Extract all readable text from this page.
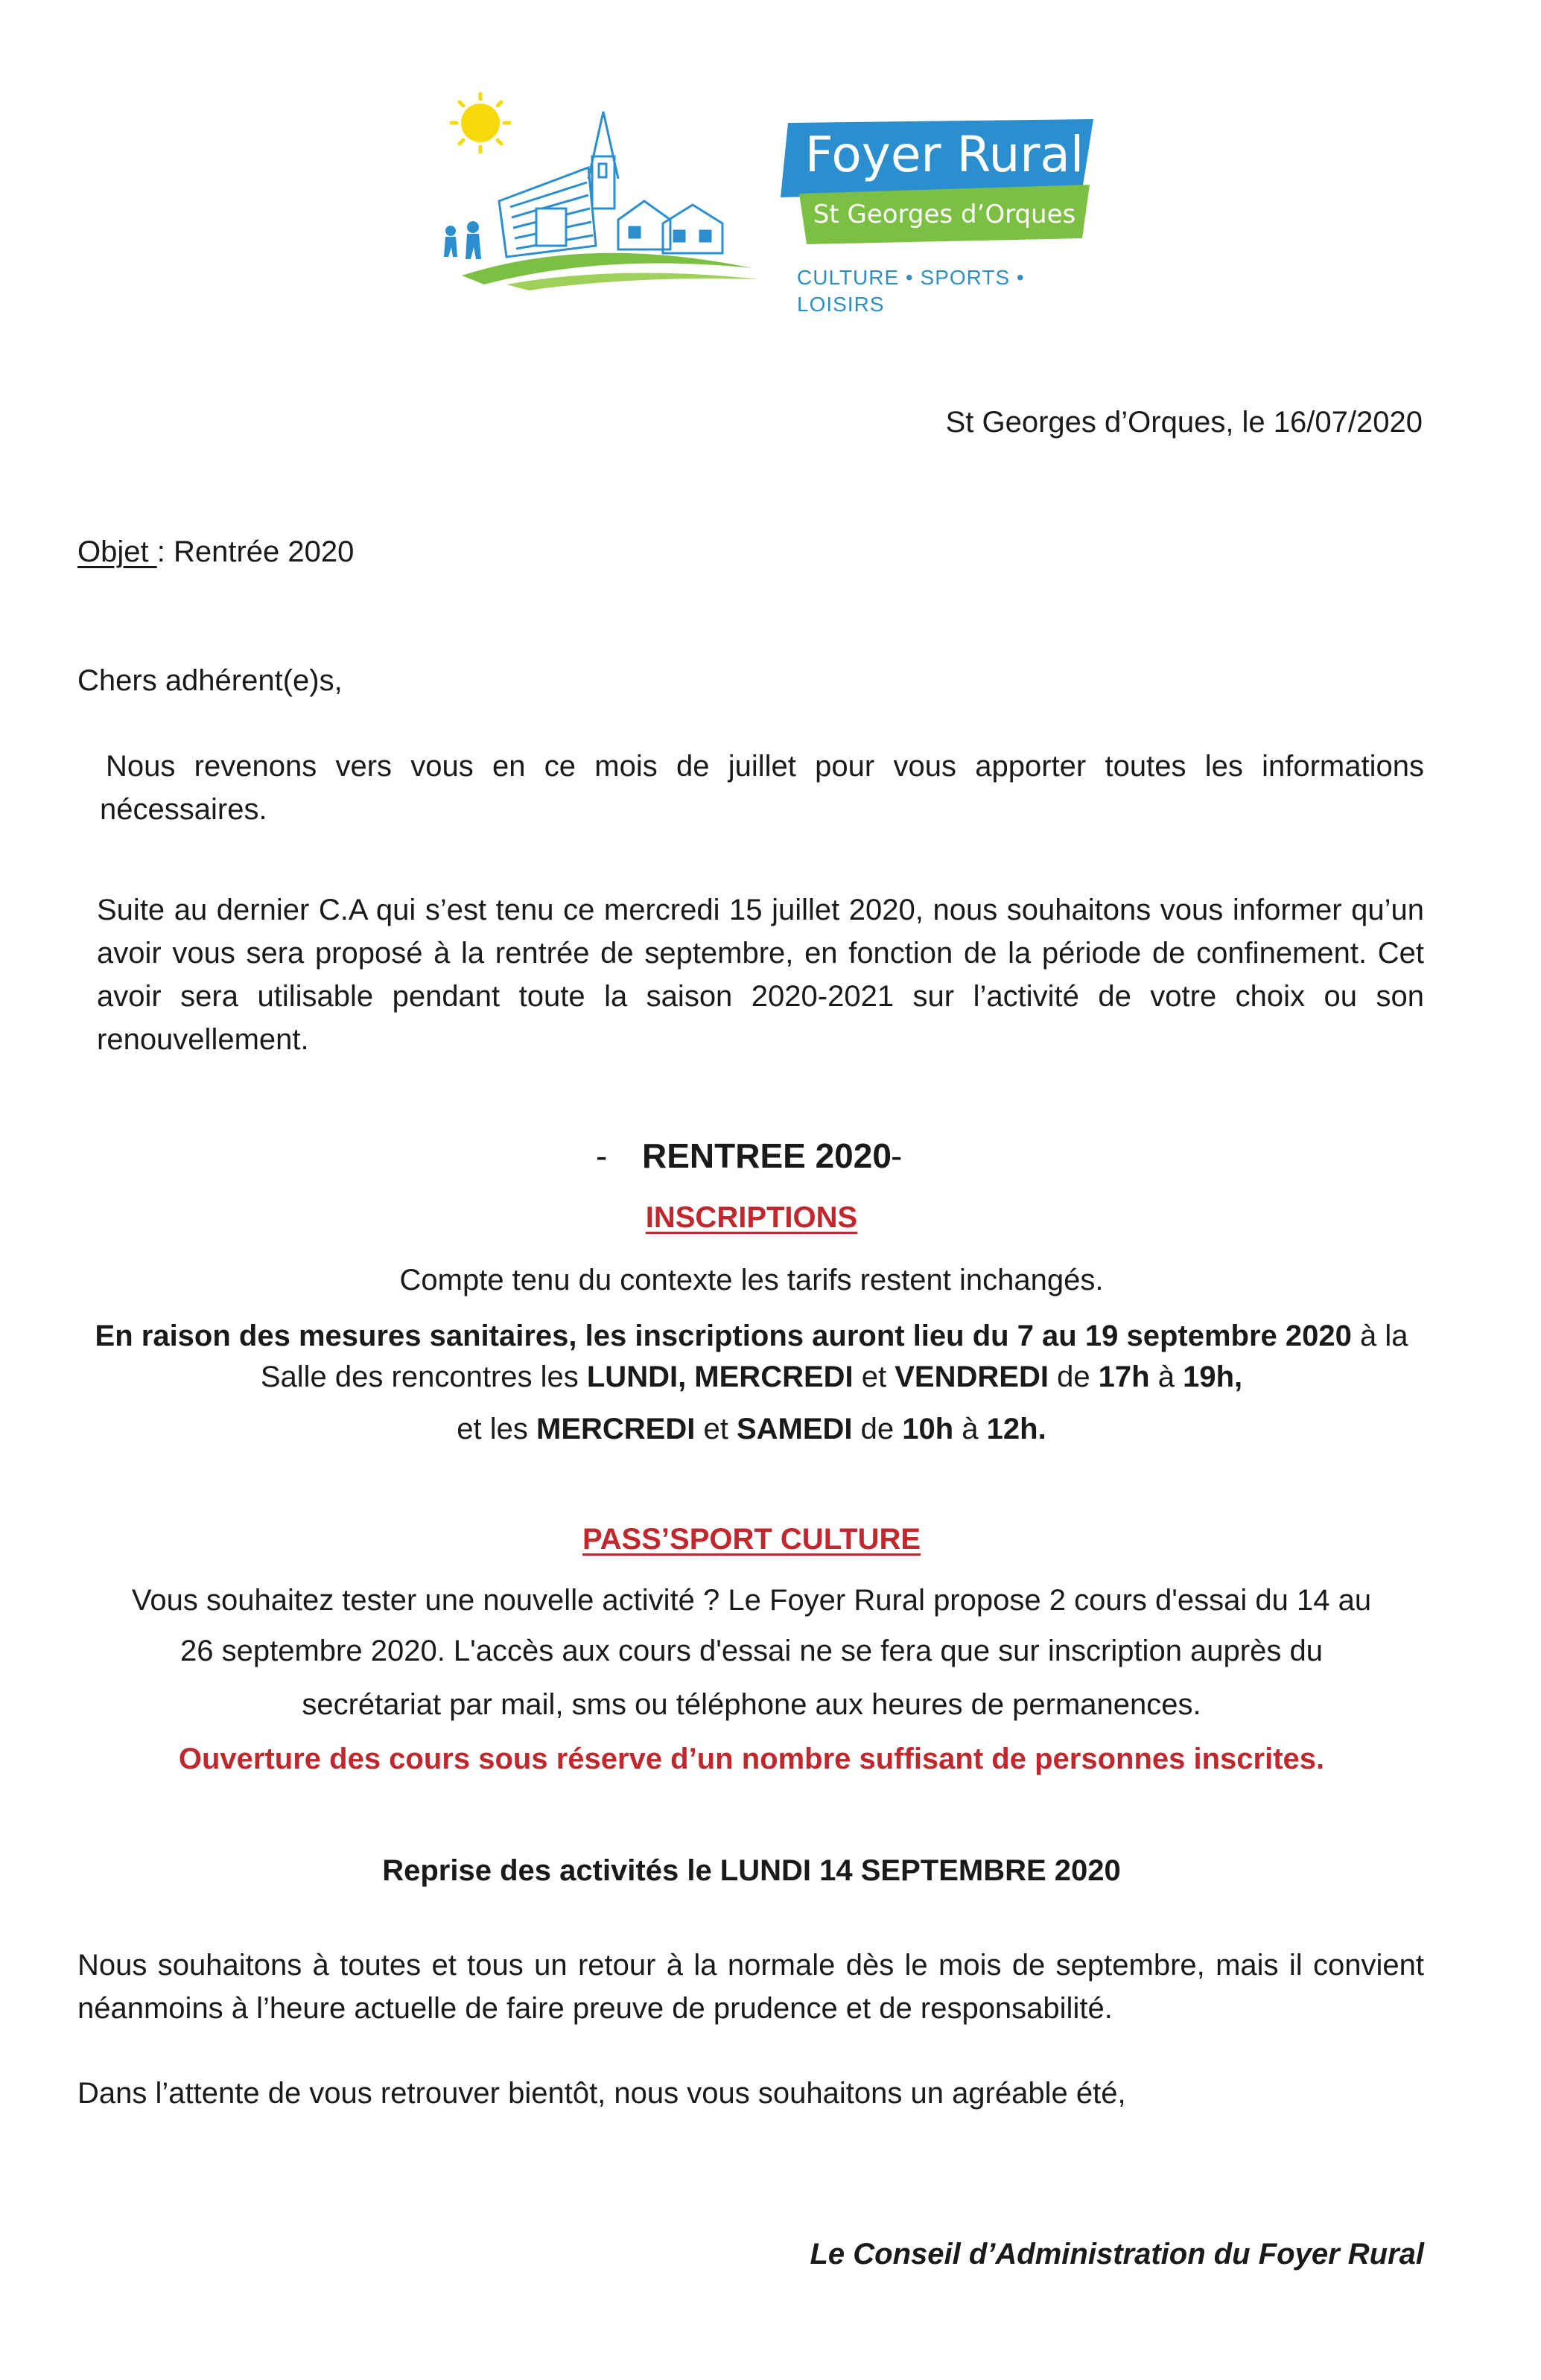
Foyer Rural
St Georges d’Orques
CULTURE • SPORTS • LOISIRS
St Georges d’Orques, le 16/07/2020
Objet : Rentrée 2020
Chers adhérent(e)s,
Nous revenons vers vous en ce mois de juillet pour vous apporter toutes les informations nécessaires.
Suite au dernier C.A qui s’est tenu ce mercredi 15 juillet 2020, nous souhaitons vous informer qu’un avoir vous sera proposé à la rentrée de septembre, en fonction de la période de confinement. Cet avoir sera utilisable pendant toute la saison 2020-2021 sur l’activité de votre choix ou son renouvellement.
- RENTREE 2020 -
INSCRIPTIONS
Compte tenu du contexte les tarifs restent inchangés.
En raison des mesures sanitaires, les inscriptions auront lieu du 7 au 19 septembre 2020 à la
Salle des rencontres les LUNDI, MERCREDI et VENDREDI de 17h à 19h,
et les MERCREDI et SAMEDI de 10h à 12h.
PASS’SPORT CULTURE
Vous souhaitez tester une nouvelle activité ? Le Foyer Rural propose 2 cours d'essai du 14 au
26 septembre 2020. L'accès aux cours d'essai ne se fera que sur inscription auprès du
secrétariat par mail, sms ou téléphone aux heures de permanences.
Ouverture des cours sous réserve d’un nombre suffisant de personnes inscrites.
Reprise des activités le LUNDI 14 SEPTEMBRE 2020
Nous souhaitons à toutes et tous un retour à la normale dès le mois de septembre, mais il convient néanmoins à l’heure actuelle de faire preuve de prudence et de responsabilité.
Dans l’attente de vous retrouver bientôt, nous vous souhaitons un agréable été,
Le Conseil d’Administration du Foyer Rural
